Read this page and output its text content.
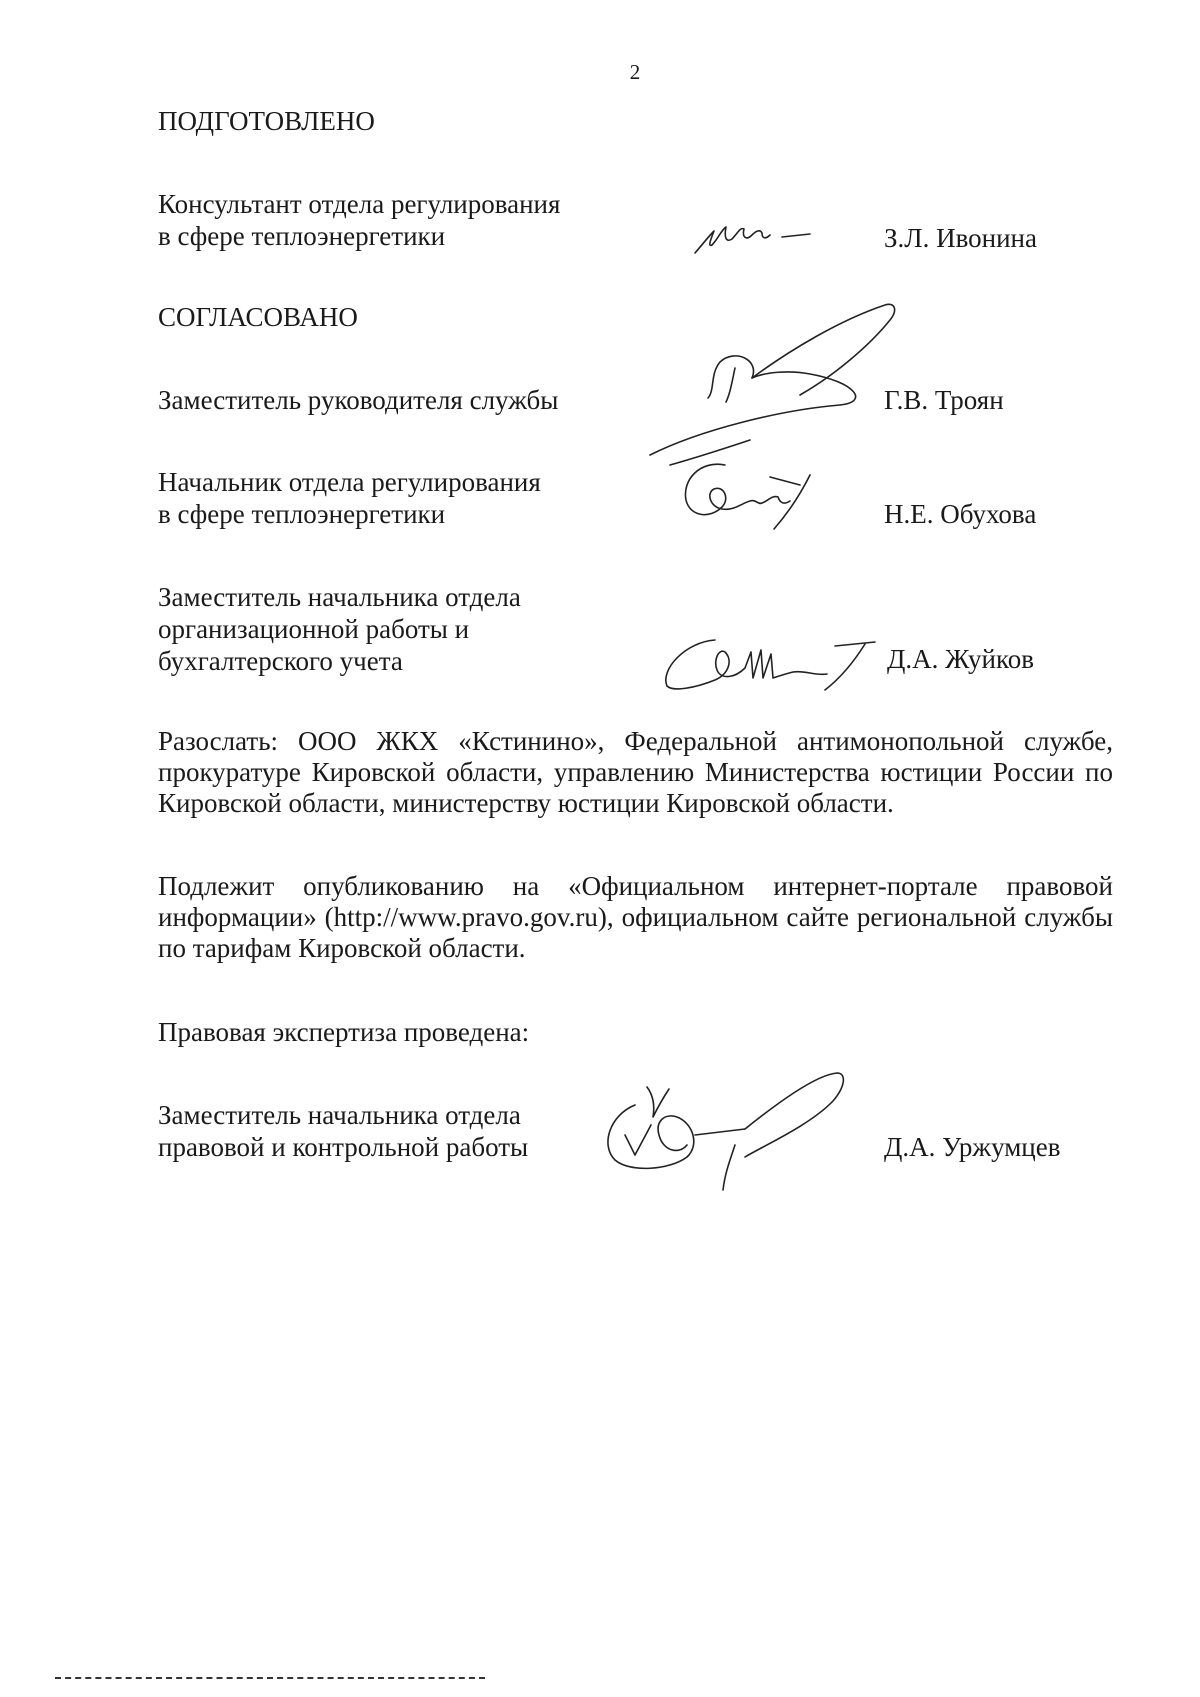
2
ПОДГОТОВЛЕНО
Консультант отдела регулирования
в сфере теплоэнергетики	З.Л. Ивонина
СОГЛАСОВАНО
Заместитель руководителя службы	Г.В. Троян
Начальник отдела регулирования
в сфере теплоэнергетики	Н.Е. Обухова
Заместитель начальника отдела
организационной работы и
бухгалтерского учета	Д.А. Жуйков
Разослать: ООО ЖКХ «Кстинино», Федеральной антимонопольной службе, прокуратуре Кировской области, управлению Министерства юстиции России по Кировской области, министерству юстиции Кировской области.
Подлежит опубликованию на «Официальном интернет-портале правовой информации» (http://www.pravo.gov.ru), официальном сайте региональной службы по тарифам Кировской области.
Правовая экспертиза проведена:
Заместитель начальника отдела
правовой и контрольной работы	Д.А. Уржумцев
